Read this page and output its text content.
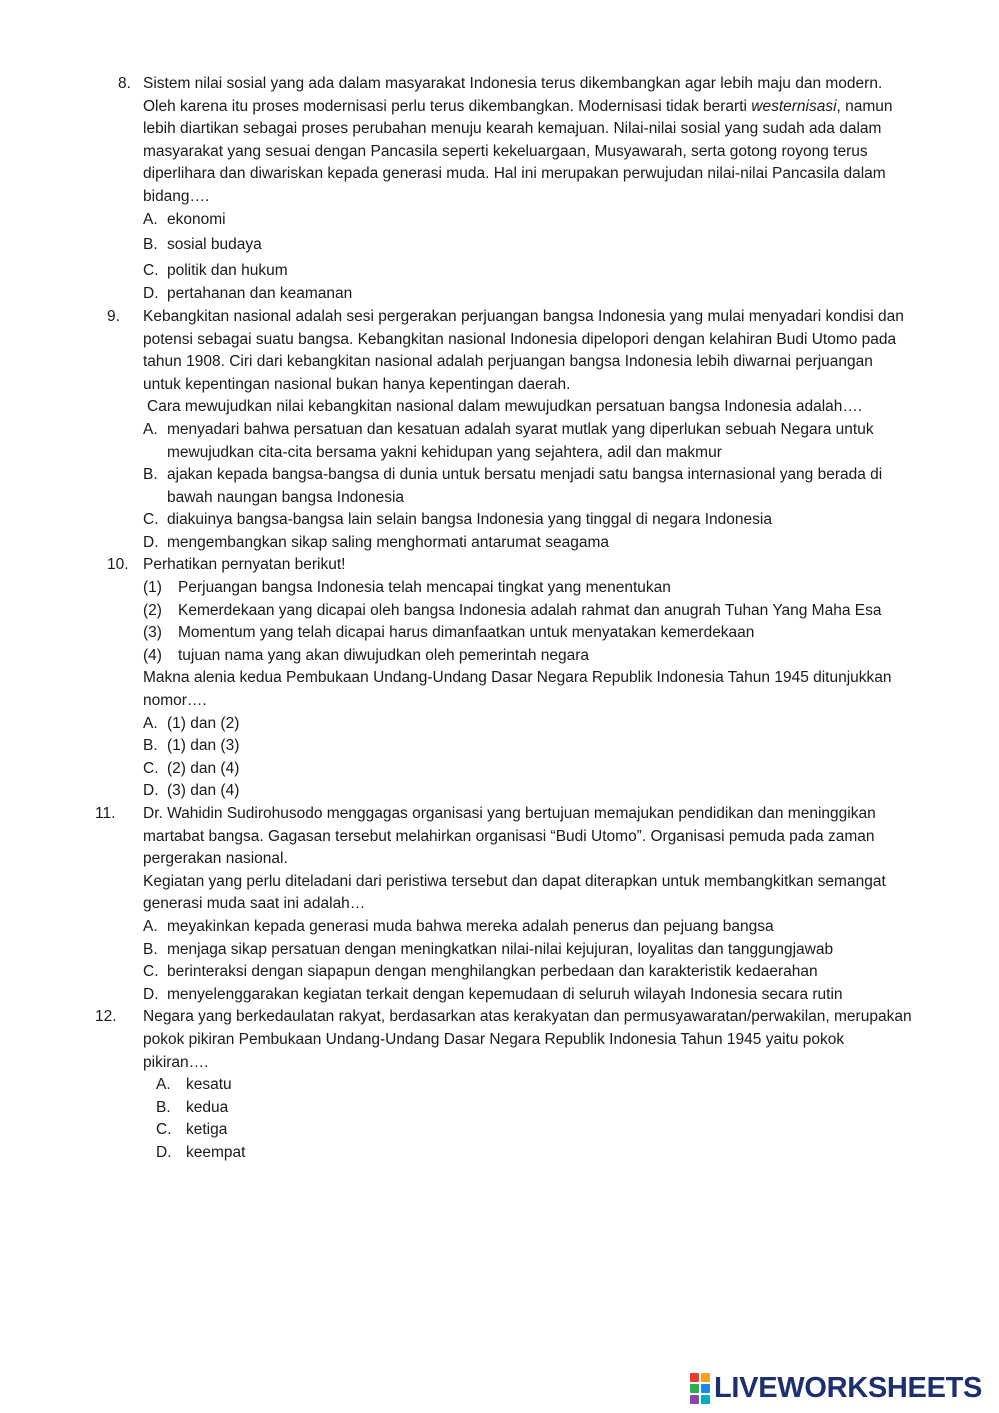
8. Sistem nilai sosial yang ada dalam masyarakat Indonesia terus dikembangkan agar lebih maju dan modern. Oleh karena itu proses modernisasi perlu terus dikembangkan. Modernisasi tidak berarti westernisasi, namun lebih diartikan sebagai proses perubahan menuju kearah kemajuan. Nilai-nilai sosial yang sudah ada dalam masyarakat yang sesuai dengan Pancasila seperti kekeluargaan, Musyawarah, serta gotong royong terus diperlihara dan diwariskan kepada generasi muda. Hal ini merupakan perwujudan nilai-nilai Pancasila dalam bidang….
A. ekonomi
B. sosial budaya
C. politik dan hukum
D. pertahanan dan keamanan
9. Kebangkitan nasional adalah sesi pergerakan perjuangan bangsa Indonesia yang mulai menyadari kondisi dan potensi sebagai suatu bangsa. Kebangkitan nasional Indonesia dipelopori dengan kelahiran Budi Utomo pada tahun 1908. Ciri dari kebangkitan nasional adalah perjuangan bangsa Indonesia lebih diwarnai perjuangan untuk kepentingan nasional bukan hanya kepentingan daerah.
Cara mewujudkan nilai kebangkitan nasional dalam mewujudkan persatuan bangsa Indonesia adalah….
A. menyadari bahwa persatuan dan kesatuan adalah syarat mutlak yang diperlukan sebuah Negara untuk mewujudkan cita-cita bersama yakni kehidupan yang sejahtera, adil dan makmur
B. ajakan kepada bangsa-bangsa di dunia untuk bersatu menjadi satu bangsa internasional yang berada di bawah naungan bangsa Indonesia
C. diakuinya bangsa-bangsa lain selain bangsa Indonesia yang tinggal di negara Indonesia
D. mengembangkan sikap saling menghormati antarumat seagama
10. Perhatikan pernyatan berikut!
(1)	Perjuangan bangsa Indonesia telah mencapai tingkat yang menentukan
(2)	Kemerdekaan yang dicapai oleh bangsa Indonesia adalah rahmat dan anugrah Tuhan Yang Maha Esa
(3)	Momentum yang telah dicapai harus dimanfaatkan untuk menyatakan kemerdekaan
(4)	tujuan nama yang akan diwujudkan oleh pemerintah negara
Makna alenia kedua Pembukaan Undang-Undang Dasar Negara Republik Indonesia Tahun 1945 ditunjukkan nomor….
A. (1) dan (2)
B. (1) dan (3)
C. (2) dan (4)
D. (3) dan (4)
11. Dr. Wahidin Sudirohusodo menggagas organisasi yang bertujuan memajukan pendidikan dan meninggikan martabat bangsa. Gagasan tersebut melahirkan organisasi “Budi Utomo”. Organisasi pemuda pada zaman pergerakan nasional.
Kegiatan yang perlu diteladani dari peristiwa tersebut dan dapat diterapkan untuk membangkitkan semangat generasi muda saat ini adalah…
A. meyakinkan kepada generasi muda bahwa mereka adalah penerus dan pejuang bangsa
B. menjaga sikap persatuan dengan meningkatkan nilai-nilai kejujuran, loyalitas dan tanggungjawab
C. berinteraksi dengan siapapun dengan menghilangkan perbedaan dan karakteristik kedaerahan
D. menyelenggarakan kegiatan terkait dengan kepemudaan di seluruh wilayah Indonesia secara rutin
12. Negara yang berkedaulatan rakyat, berdasarkan atas kerakyatan dan permusyawaratan/perwakilan, merupakan pokok pikiran Pembukaan Undang-Undang Dasar Negara Republik Indonesia Tahun 1945 yaitu pokok pikiran….
A. kesatu
B. kedua
C. ketiga
D. keempat
LIVEWORKSHEETS
